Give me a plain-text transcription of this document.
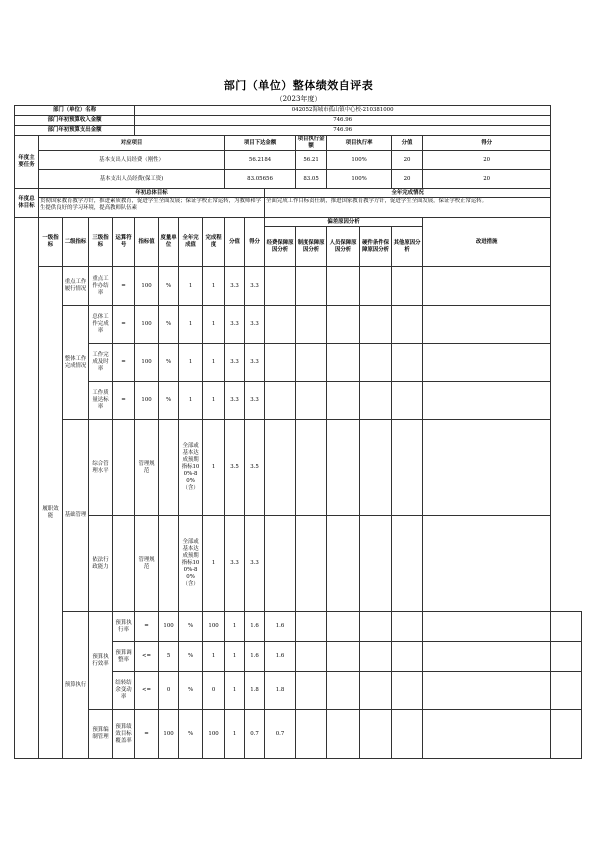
部门（单位）整体绩效自评表
（2023年度）
部门（单位）名称					042052海城市孤山镇中心校-210381000												
部门年初预算收入金额					746.96												
部门年初预算支出金额					746.96												
年度主要任务	对应项目								项目下达金额			项目执行金额	项目执行率		分值	得分	
	基本支出人员经费（刚性）								56.2184			56.21	100%		20	20	
	基本支出人员经费(保工资)								83.05656			83.05	100%		20	20	
年度总体目标	年初总体目标										全年完成情况						
	贯彻国家教育教学方针，推进素质教育，促进学生全面发展；保证学校正常运转，为教师和学生提供良好的学习环境，提高教师队伍素										全面完成工作目标责任制，推进国家教育教学方针，促进学生全面发展，保证学校正常运转。						
	一级指标	二级指标	三级指标	运算符号	指标值	度量单位	全年完成值	完成程度	分值	得分	偏差原因分析					改进措施	
											经费保障原因分析	制度保障原因分析	人员保障原因分析	硬件条件保障原因分析	其他原因分析		
	履职效能	重点工作履行情况	重点工作办结率	=	100	%	1	1	3.3	3.3							
		整体工作完成情况	总体工作完成率	=	100	%	1	1	3.3	3.3							
			工作完成及时率	=	100	%	1	1	3.3	3.3							
			工作质量达标率	=	100	%	1	1	3.3	3.3							
		基础管理	综合管理水平		管理规范		全部或基本达成预期指标100%-80%（含）	1	3.5	3.5							
			依法行政能力		管理规范		全部或基本达成预期指标100%-80%（含）	1	3.3	3.3							
		预算执行	预算执行效率	预算执行率	=	100	%	100	1	1.6	1.6						
				预算调整率	<=	5	%	1	1	1.6	1.6						
				结转结余变动率	<=	0	%	0	1	1.8	1.8						
			预算编制管理	预算绩效目标覆盖率	=	100	%	100	1	0.7	0.7						
